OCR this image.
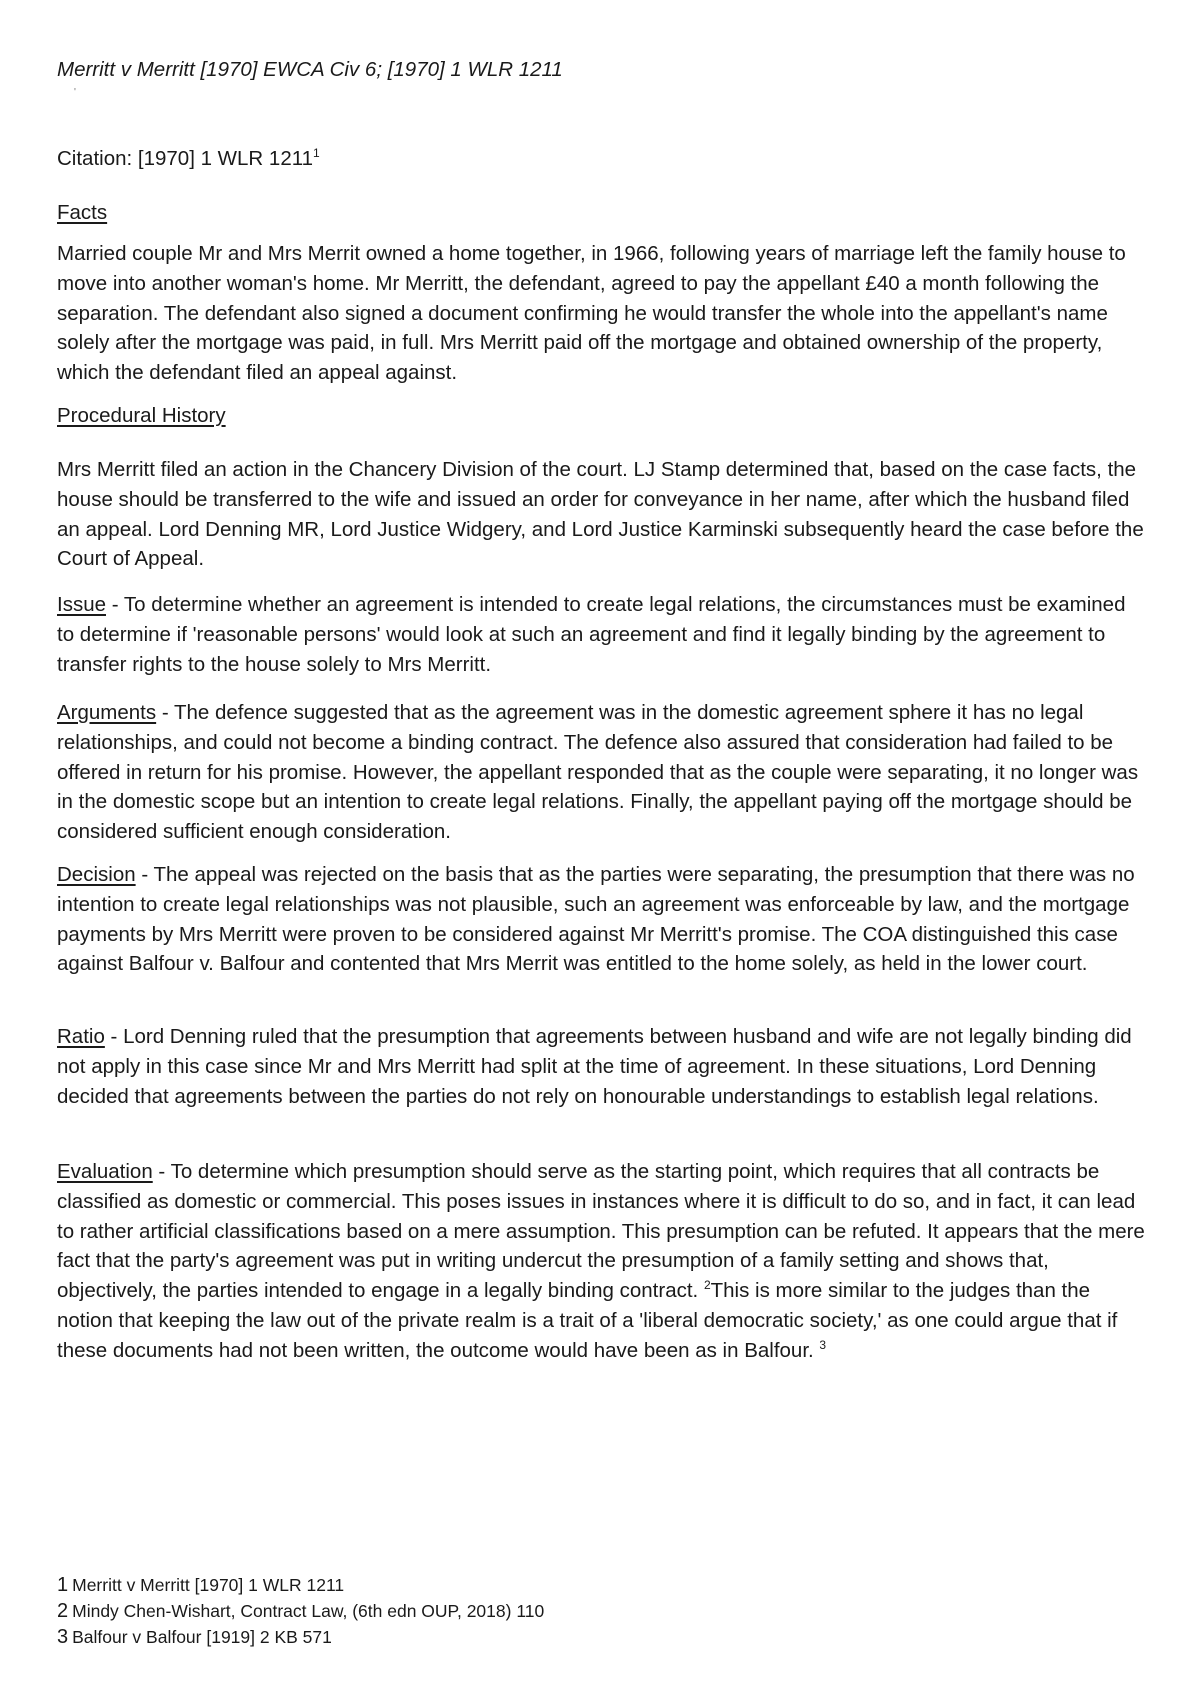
Merritt v Merritt [1970] EWCA Civ 6; [1970] 1 WLR 1211

'
Citation: [1970] 1 WLR 1211$^1$
Facts

Married couple Mr and Mrs Merrit owned a home together, in 1966, following years of marriage left the family house to move into another woman's home. Mr Merritt, the defendant, agreed to pay the appellant £40 a month following the separation. The defendant also signed a document confirming he would transfer the whole into the appellant's name solely after the mortgage was paid, in full. Mrs Merritt paid off the mortgage and obtained ownership of the property, which the defendant filed an appeal against.

Procedural History

Mrs Merritt filed an action in the Chancery Division of the court. LJ Stamp determined that, based on the case facts, the house should be transferred to the wife and issued an order for conveyance in her name, after which the husband filed an appeal. Lord Denning MR, Lord Justice Widgery, and Lord Justice Karminski subsequently heard the case before the Court of Appeal.

Issue - To determine whether an agreement is intended to create legal relations, the circumstances must be examined to determine if 'reasonable persons' would look at such an agreement and find it legally binding by the agreement to transfer rights to the house solely to Mrs Merritt.

Arguments - The defence suggested that as the agreement was in the domestic agreement sphere it has no legal relationships, and could not become a binding contract. The defence also assured that consideration had failed to be offered in return for his promise. However, the appellant responded that as the couple were separating, it no longer was in the domestic scope but an intention to create legal relations. Finally, the appellant paying off the mortgage should be considered sufficient enough consideration.

Decision - The appeal was rejected on the basis that as the parties were separating, the presumption that there was no intention to create legal relationships was not plausible, such an agreement was enforceable by law, and the mortgage payments by Mrs Merritt were proven to be considered against Mr Merritt's promise. The COA distinguished this case against Balfour v. Balfour and contented that Mrs Merrit was entitled to the home solely, as held in the lower court.

Ratio - Lord Denning ruled that the presumption that agreements between husband and wife are not legally binding did not apply in this case since Mr and Mrs Merritt had split at the time of agreement. In these situations, Lord Denning decided that agreements between the parties do not rely on honourable understandings to establish legal relations.

Evaluation - To determine which presumption should serve as the starting point, which requires that all contracts be classified as domestic or commercial. This poses issues in instances where it is difficult to do so, and in fact, it can lead to rather artificial classifications based on a mere assumption. This presumption can be refuted. It appears that the mere fact that the party's agreement was put in writing undercut the presumption of a family setting and shows that, objectively, the parties intended to engage in a legally binding contract. $^2$This is more similar to the judges than the notion that keeping the law out of the private realm is a trait of a 'liberal democratic society,' as one could argue that if these documents had not been written, the outcome would have been as in Balfour. $^3$

1 Merritt v Merritt [1970] 1 WLR 1211
2 Mindy Chen-Wishart, Contract Law, (6th edn OUP, 2018) 110
3 Balfour v Balfour [1919] 2 KB 571
